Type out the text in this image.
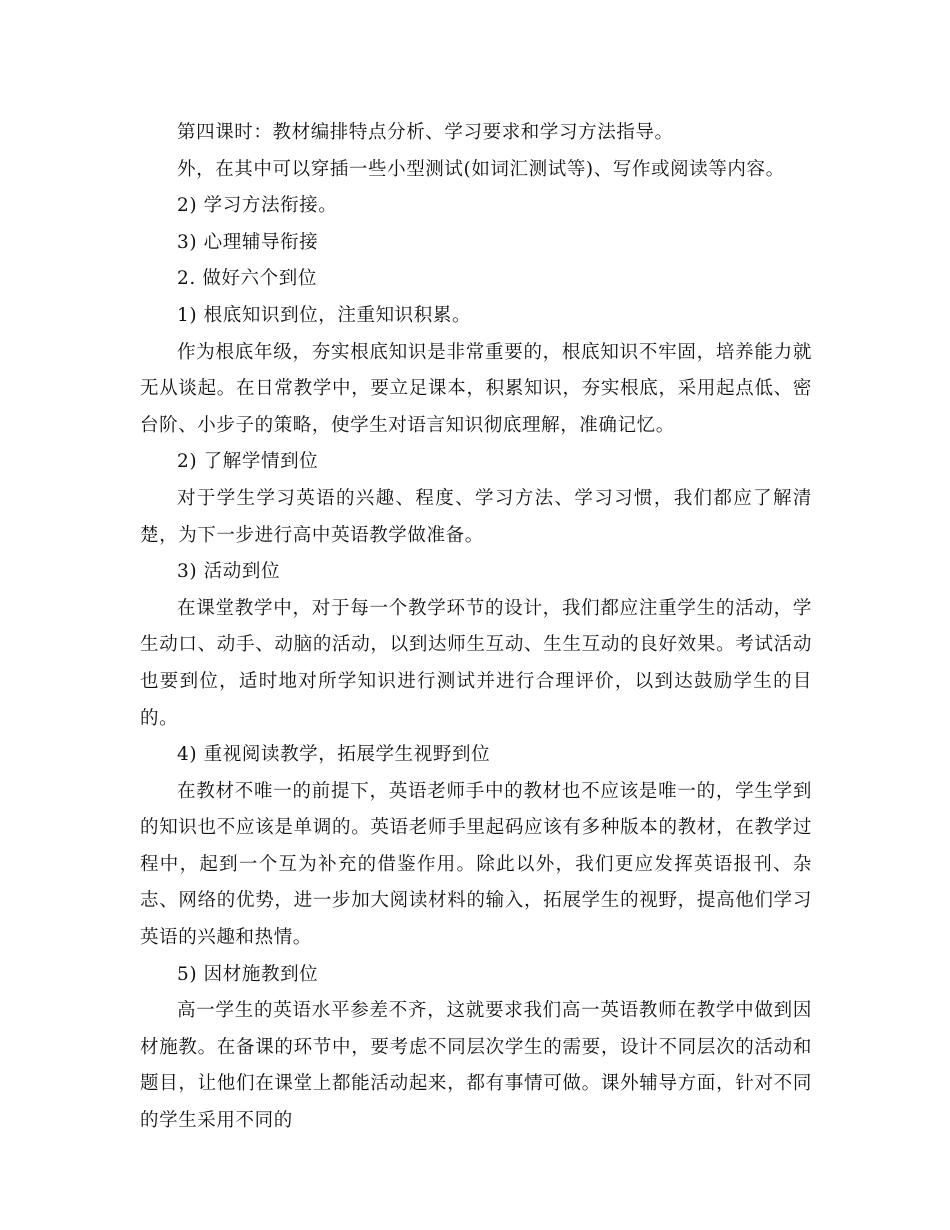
第四课时：教材编排特点分析、学习要求和学习方法指导。

外，在其中可以穿插一些小型测试(如词汇测试等)、写作或阅读等内容。

2) 学习方法衔接。

3) 心理辅导衔接

2. 做好六个到位

1) 根底知识到位，注重知识积累。

作为根底年级，夯实根底知识是非常重要的，根底知识不牢固，培养能力就无从谈起。在日常教学中，要立足课本，积累知识，夯实根底，采用起点低、密台阶、小步子的策略，使学生对语言知识彻底理解，准确记忆。

2) 了解学情到位

对于学生学习英语的兴趣、程度、学习方法、学习习惯，我们都应了解清楚，为下一步进行高中英语教学做准备。

3) 活动到位

在课堂教学中，对于每一个教学环节的设计，我们都应注重学生的活动，学生动口、动手、动脑的活动，以到达师生互动、生生互动的良好效果。考试活动也要到位，适时地对所学知识进行测试并进行合理评价，以到达鼓励学生的目的。

4) 重视阅读教学，拓展学生视野到位

在教材不唯一的前提下，英语老师手中的教材也不应该是唯一的，学生学到的知识也不应该是单调的。英语老师手里起码应该有多种版本的教材，在教学过程中，起到一个互为补充的借鉴作用。除此以外，我们更应发挥英语报刊、杂志、网络的优势，进一步加大阅读材料的输入，拓展学生的视野，提高他们学习英语的兴趣和热情。

5) 因材施教到位

高一学生的英语水平参差不齐，这就要求我们高一英语教师在教学中做到因材施教。在备课的环节中，要考虑不同层次学生的需要，设计不同层次的活动和题目，让他们在课堂上都能活动起来，都有事情可做。课外辅导方面，针对不同的学生采用不同的
